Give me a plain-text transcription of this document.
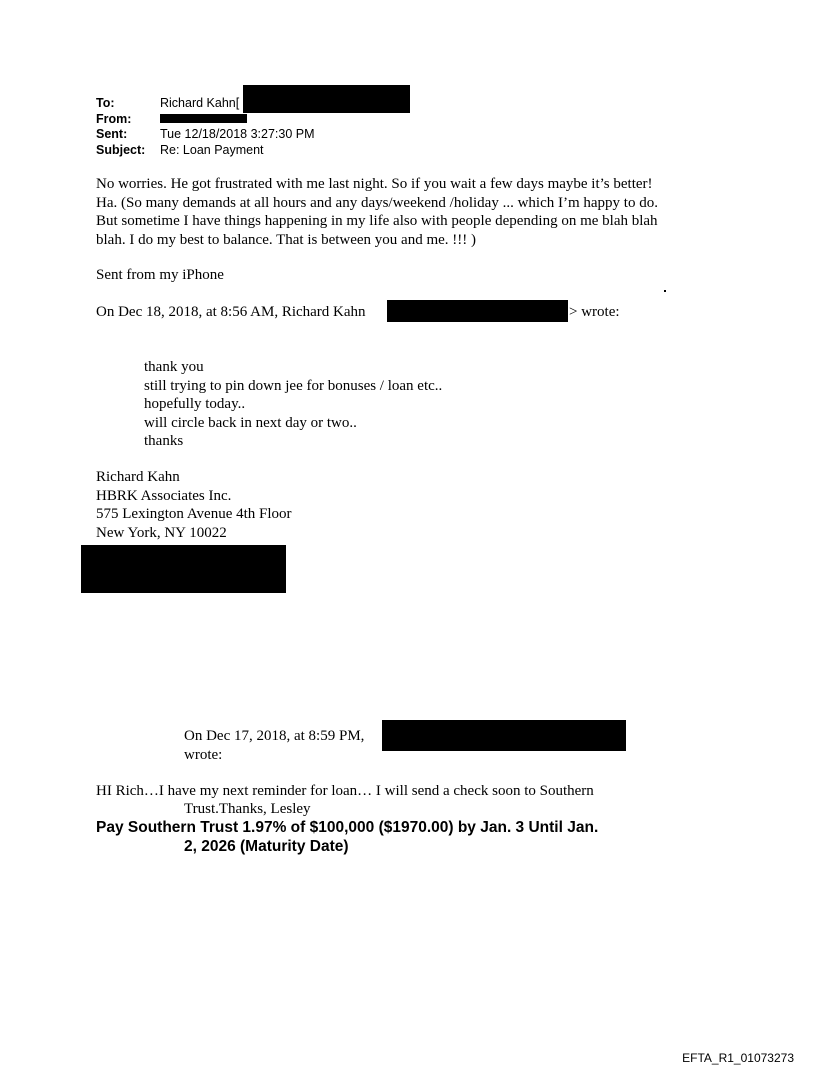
To:	Richard Kahn[
From:
Sent:	Tue 12/18/2018 3:27:30 PM
Subject:	Re: Loan Payment
No worries. He got frustrated with me last night. So if you wait a few days maybe it’s better!
Ha. (So many demands at all hours and any days/weekend /holiday ... which I’m happy to do.
But sometime I have things happening in my life also with people depending on me blah blah
blah. I do my best to balance. That is between you and me. !!! )
Sent from my iPhone
On Dec 18, 2018, at 8:56 AM, Richard Kahn	> wrote:
thank you
still trying to pin down jee for bonuses / loan etc..
hopefully today..
will circle back in next day or two..
thanks
Richard Kahn
HBRK Associates Inc.
575 Lexington Avenue 4th Floor
New York, NY 10022
On Dec 17, 2018, at 8:59 PM,
wrote:
HI Rich…I have my next reminder for loan… I will send a check soon to Southern
Trust.Thanks, Lesley
Pay Southern Trust 1.97% of $100,000 ($1970.00) by Jan. 3 Until Jan.
2, 2026 (Maturity Date)
EFTA_R1_01073273
